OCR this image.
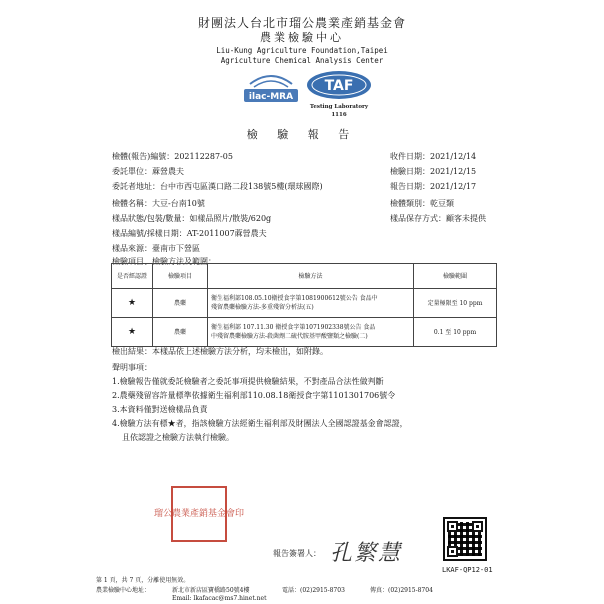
財團法人台北市瑠公農業產銷基金會
農業檢驗中心
Liu-Kung Agriculture Foundation,Taipei
Agriculture Chemical Analysis Center
ilac-MRA
TAF
Testing Laboratory
1116
檢 驗 報 告
檢體(報告)編號：202112287-05
委託單位：蔴營農夫
委託者地址：台中市西屯區漢口路二段138號5樓(環球國際)
檢體名稱：大豆-台南10號
樣品狀態/包裝/數量：如樣品照片/散裝/620g
樣品編號/採樣日期：AT-2011007蔴營農夫
樣品來源：臺南市下營區
收件日期：2021/12/14
檢驗日期：2021/12/15
報告日期：2021/12/17
檢體類別：乾豆類
樣品保存方式：顧客未提供
檢驗項目、檢驗方法及範圍：
是否經認證	檢驗項目	檢驗方法	檢驗範圍
★	農藥	衛生福利部108.05.10衛授食字第1081900612號公告 食品中
殘留農藥檢驗方法-多重殘留分析法(五)	定量極限至 10 ppm
★	農藥	衛生福利部 107.11.30 衛授食字第1071902338號公告 食品
中殘留農藥檢驗方法-殺菌劑二硫代胺基甲酸鹽類之檢驗(二)	0.1 至 10 ppm
檢出結果：本樣品依上述檢驗方法分析，均未檢出，如附錄。
聲明事項：
1.檢驗報告僅就委託檢驗者之委託事項提供檢驗結果，不對產品合法性做判斷
2.農藥殘留容許量標準依據衛生福利部110.08.18衛授食字第1101301706號令
3.本資料僅對送檢樣品負責
4.檢驗方法有標★者，指該檢驗方法經衛生福利部及財團法人全國認證基金會認證，
且依認證之檢驗方法執行檢驗。
瑠公農業產銷基金會印
報告簽署人： 孔繁慧
LKAF-QP12-01
第 1 頁，共 7 頁，分離使用無效。
農業檢驗中心地址：	新北市新店區寶橋路50號4樓	電話：(02)2915-8703	傳真：(02)2915-8704
Email: lkafacac@ms7.hinet.net
